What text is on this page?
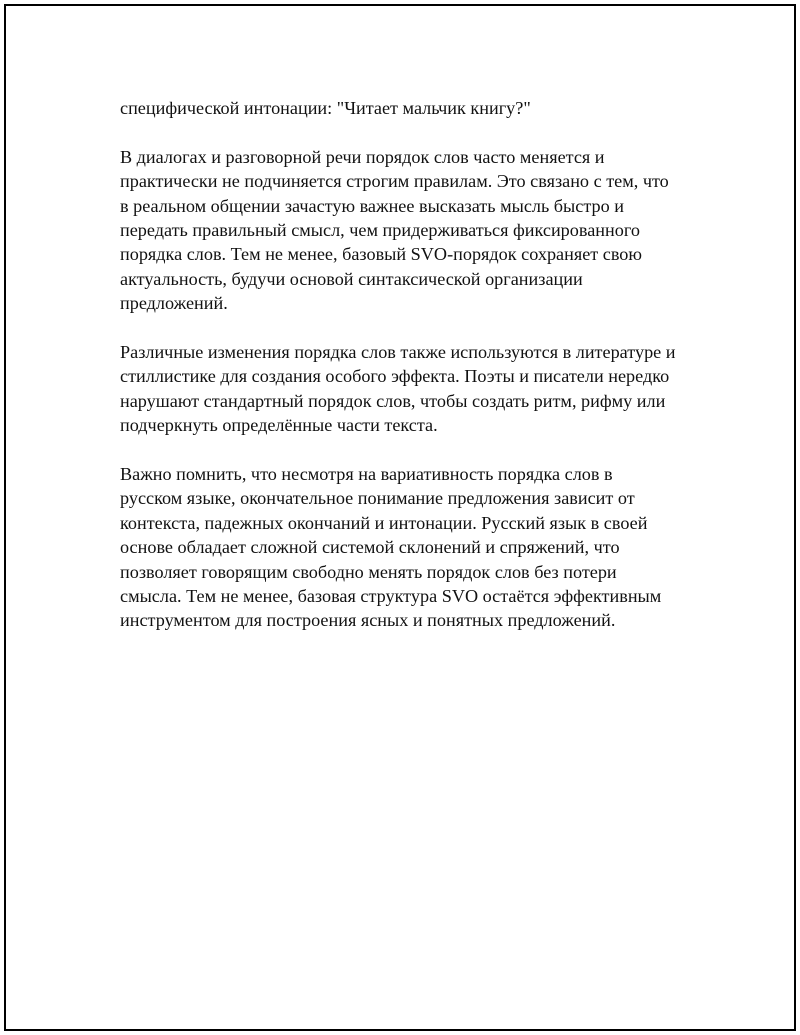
специфической интонации: "Читает мальчик книгу?"

В диалогах и разговорной речи порядок слов часто меняется и
практически не подчиняется строгим правилам. Это связано с тем, что
в реальном общении зачастую важнее высказать мысль быстро и
передать правильный смысл, чем придерживаться фиксированного
порядка слов. Тем не менее, базовый SVO-порядок сохраняет свою
актуальность, будучи основой синтаксической организации
предложений.

Различные изменения порядка слов также используются в литературе и
стиллистике для создания особого эффекта. Поэты и писатели нередко
нарушают стандартный порядок слов, чтобы создать ритм, рифму или
подчеркнуть определённые части текста.

Важно помнить, что несмотря на вариативность порядка слов в
русском языке, окончательное понимание предложения зависит от
контекста, падежных окончаний и интонации. Русский язык в своей
основе обладает сложной системой склонений и спряжений, что
позволяет говорящим свободно менять порядок слов без потери
смысла. Тем не менее, базовая структура SVO остаётся эффективным
инструментом для построения ясных и понятных предложений.
